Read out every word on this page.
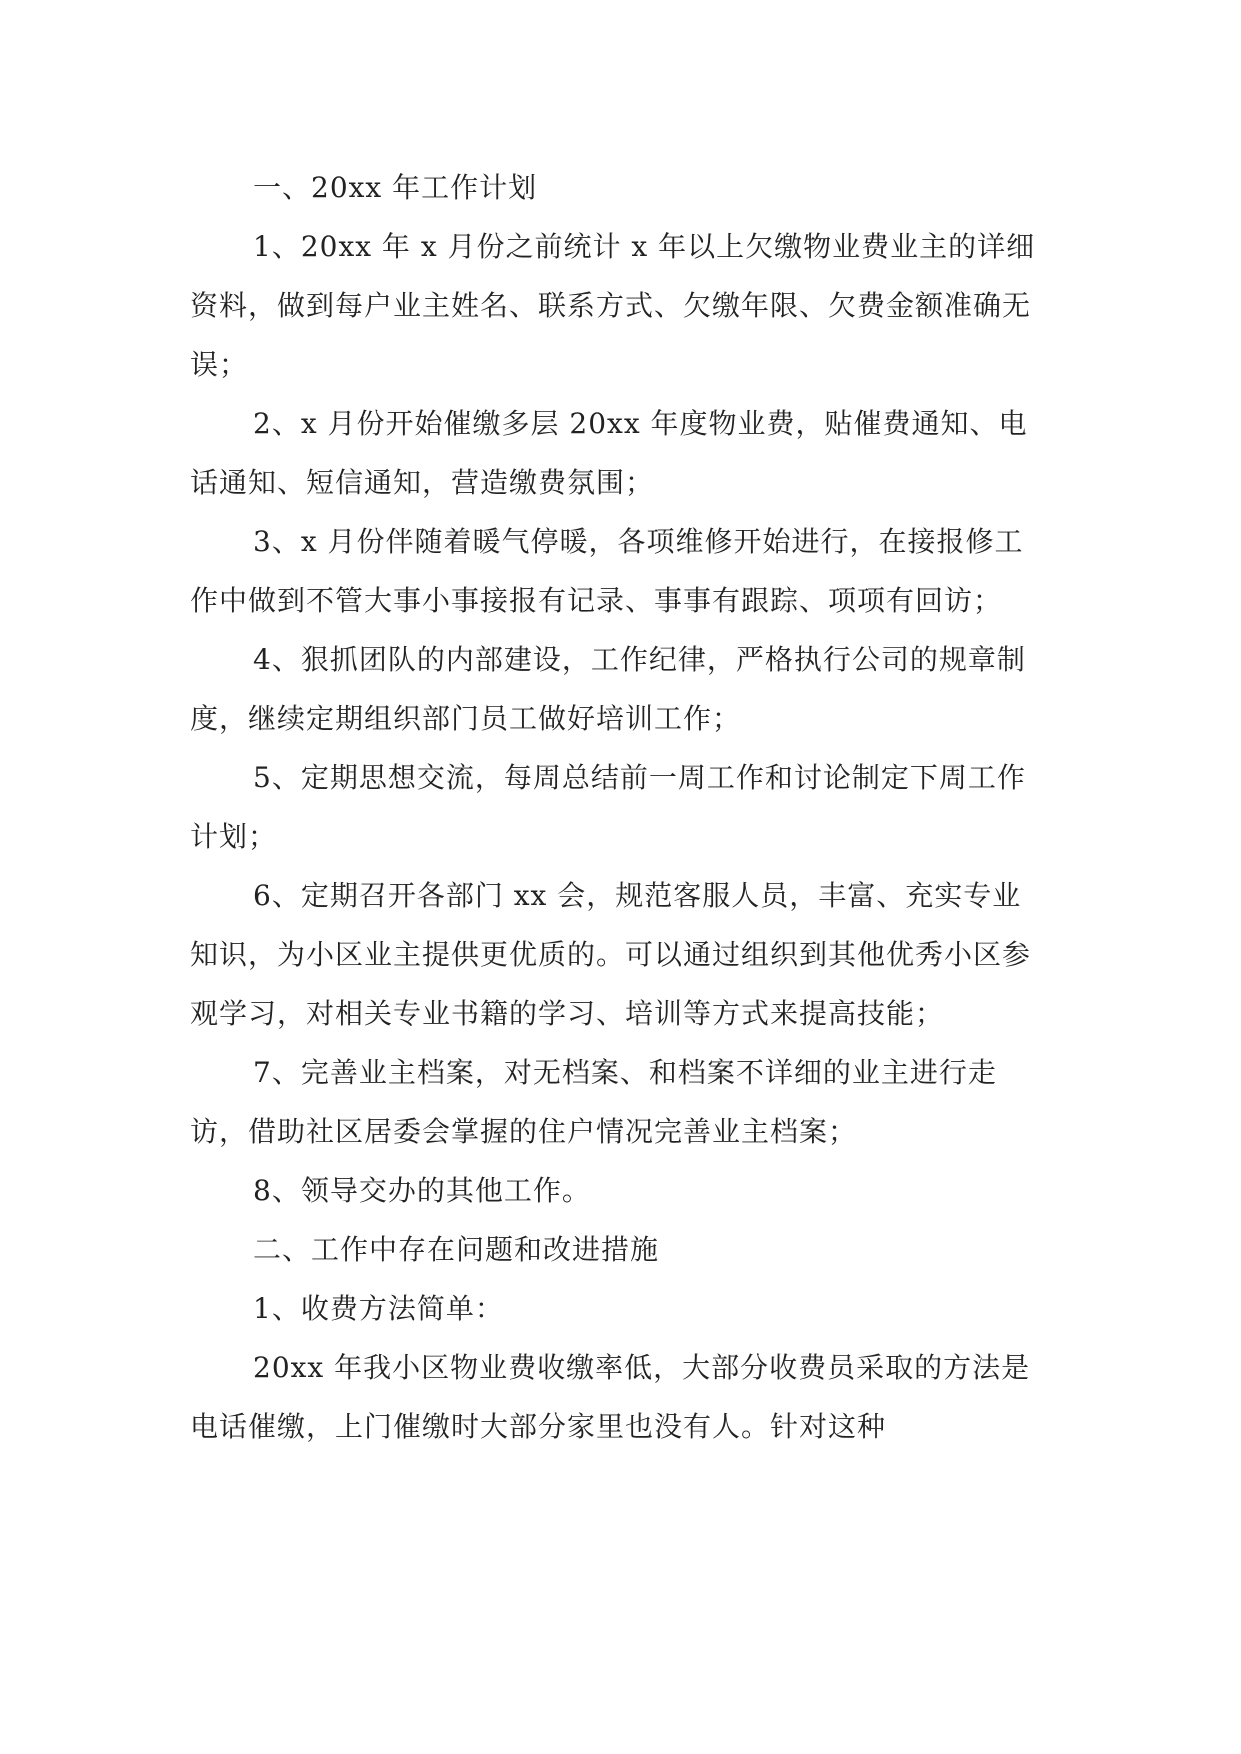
一、20xx 年工作计划

1、20xx 年 x 月份之前统计 x 年以上欠缴物业费业主的详细资料，做到每户业主姓名、联系方式、欠缴年限、欠费金额准确无误；

2、x 月份开始催缴多层 20xx 年度物业费，贴催费通知、电话通知、短信通知，营造缴费氛围；

3、x 月份伴随着暖气停暖，各项维修开始进行，在接报修工作中做到不管大事小事接报有记录、事事有跟踪、项项有回访；

4、狠抓团队的内部建设，工作纪律，严格执行公司的规章制度，继续定期组织部门员工做好培训工作；

5、定期思想交流，每周总结前一周工作和讨论制定下周工作计划；

6、定期召开各部门 xx 会，规范客服人员，丰富、充实专业知识，为小区业主提供更优质的。可以通过组织到其他优秀小区参观学习，对相关专业书籍的学习、培训等方式来提高技能；

7、完善业主档案，对无档案、和档案不详细的业主进行走访，借助社区居委会掌握的住户情况完善业主档案；

8、领导交办的其他工作。

二、工作中存在问题和改进措施

1、收费方法简单：

20xx 年我小区物业费收缴率低，大部分收费员采取的方法是电话催缴，上门催缴时大部分家里也没有人。针对这种
